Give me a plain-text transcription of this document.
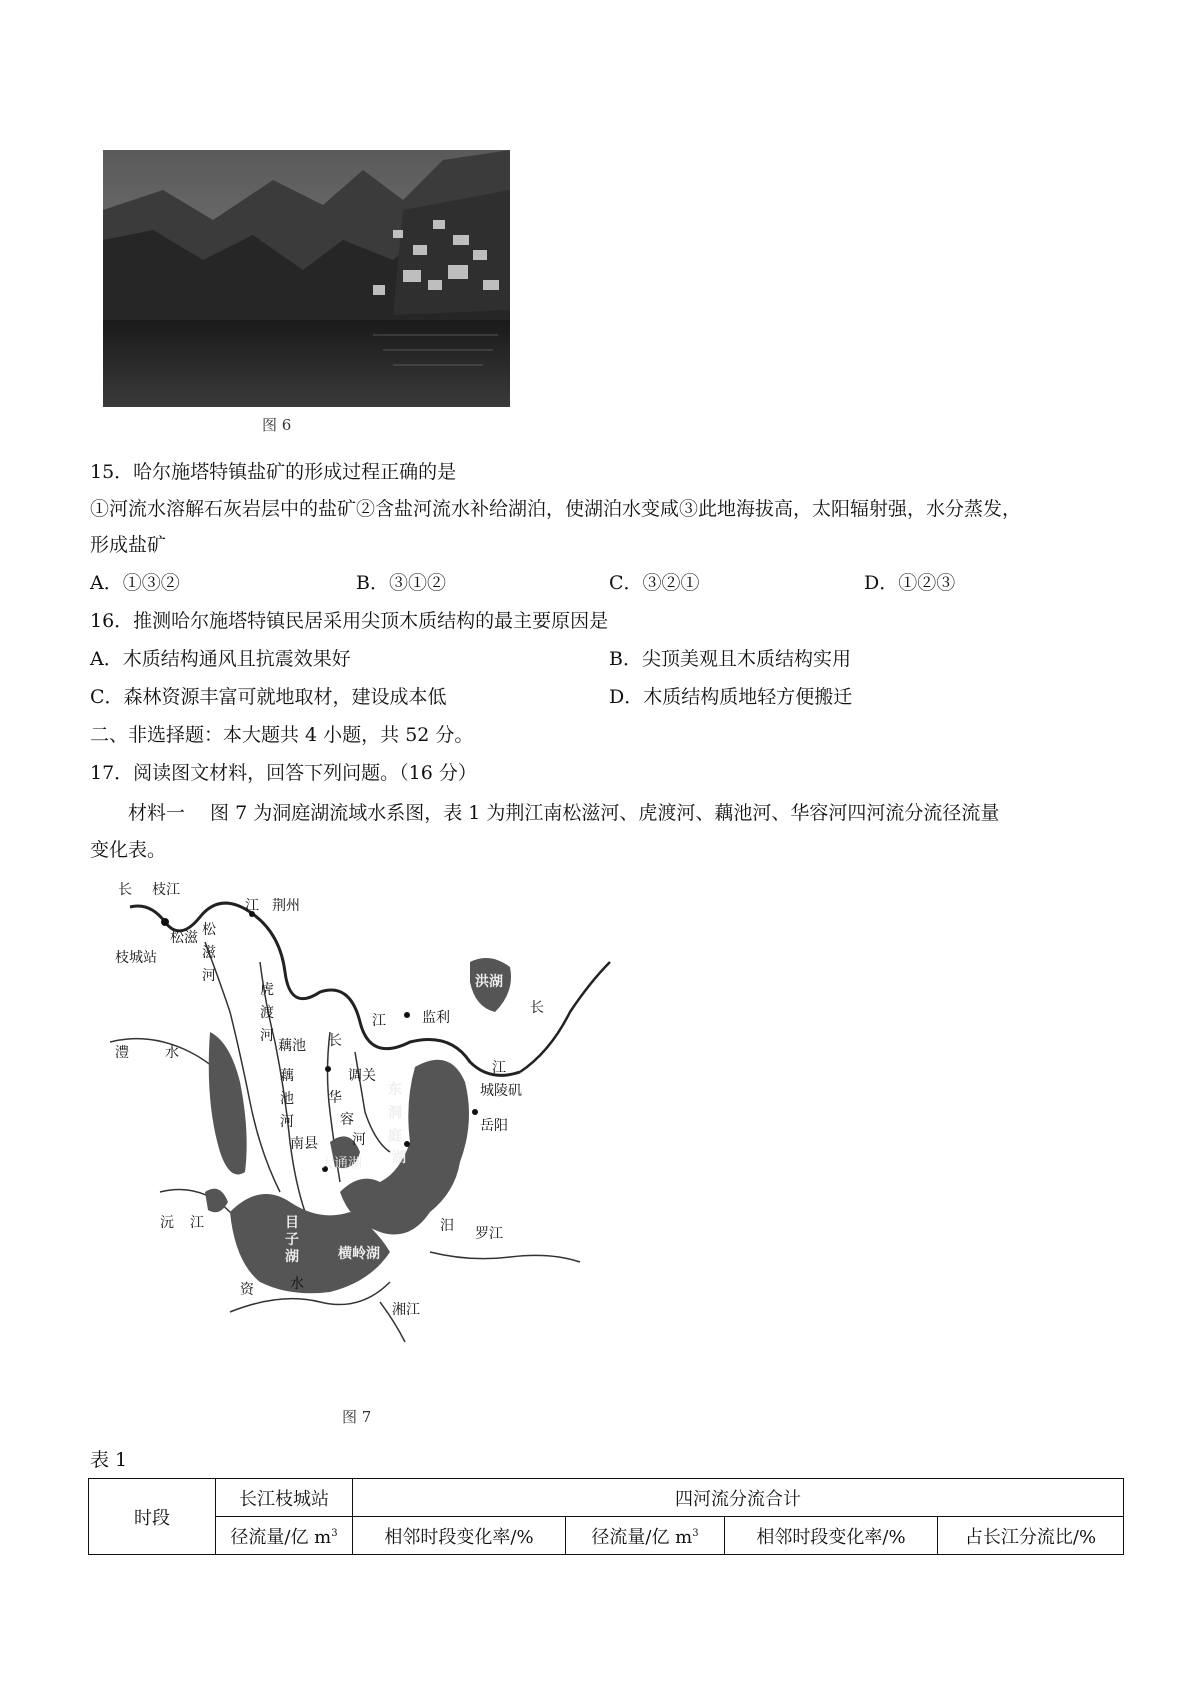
图 6
15．哈尔施塔特镇盐矿的形成过程正确的是
①河流水溶解石灰岩层中的盐矿②含盐河流水补给湖泊，使湖泊水变咸③此地海拔高，太阳辐射强，水分蒸发，
形成盐矿
A．①③②	B．③①②	C．③②①	D．①②③
16．推测哈尔施塔特镇民居采用尖顶木质结构的最主要原因是
A．木质结构通风且抗震效果好	B．尖顶美观且木质结构实用
C．森林资源丰富可就地取材，建设成本低	D．木质结构质地轻方便搬迁
二、非选择题：本大题共 4 小题，共 52 分。
17．阅读图文材料，回答下列问题。（16 分）
材料一　 图 7 为洞庭湖流域水系图，表 1 为荆江南松滋河、虎渡河、藕池河、华容河四河流分流径流量
变化表。
长 枝江
江 荆州
松滋
枝城站
松
滋
河
虎
渡
河
藕池 长
江	监利
洪湖
长
藕
池
河
调关
华
容
河
江
城陵矶
岳阳
澧	水
南县
东
洞
庭
湖
大通湖
沅 江	目
子
湖	横岭湖
汨 罗江
资	水
湘江
图 7
表 1
时段	长江枝城站	四河流分流合计			
	径流量/亿 $m^3$	相邻时段变化率/%	径流量/亿 $m^3$	相邻时段变化率/%	占长江分流比/%
